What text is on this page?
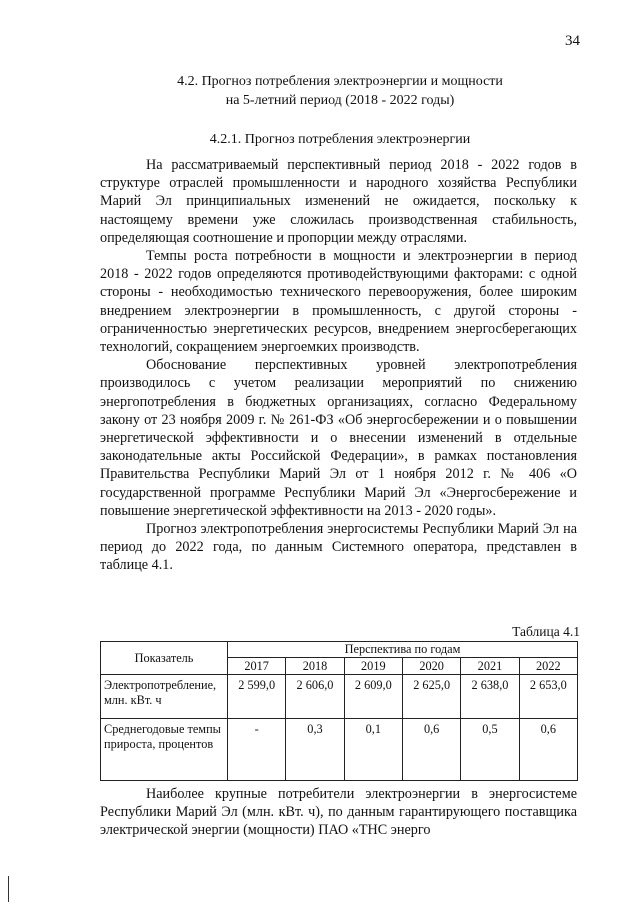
34
4.2. Прогноз потребления электроэнергии и мощности
на 5-летний период (2018 - 2022 годы)
4.2.1. Прогноз потребления электроэнергии

На рассматриваемый перспективный период 2018 - 2022 годов в структуре отраслей промышленности и народного хозяйства Республики Марий Эл принципиальных изменений не ожидается, поскольку к настоящему времени уже сложилась производственная стабильность, определяющая соотношение и пропорции между отраслями.

Темпы роста потребности в мощности и электроэнергии в период 2018 - 2022 годов определяются противодействующими факторами: с одной стороны - необходимостью технического перевооружения, более широким внедрением электроэнергии в промышленность, с другой стороны - ограниченностью энергетических ресурсов, внедрением энергосберегающих технологий, сокращением энергоемких производств.

Обоснование перспективных уровней электропотребления производилось с учетом реализации мероприятий по снижению энергопотребления в бюджетных организациях, согласно Федеральному закону от 23 ноября 2009 г. № 261-ФЗ «Об энергосбережении и о повышении энергетической эффективности и о внесении изменений в отдельные законодательные акты Российской Федерации», в рамках постановления Правительства Республики Марий Эл от 1 ноября 2012 г. № 406 «О государственной программе Республики Марий Эл «Энергосбережение и повышение энергетической эффективности на 2013 - 2020 годы».

Прогноз электропотребления энергосистемы Республики Марий Эл на период до 2022 года, по данным Системного оператора, представлен в таблице 4.1.

Таблица 4.1
Показатель	Перспектива по годам					
	2017	2018	2019	2020	2021	2022
Электропотребление, млн. кВт. ч	2 599,0	2 606,0	2 609,0	2 625,0	2 638,0	2 653,0
Среднегодовые темпы прироста, процентов	-	0,3	0,1	0,6	0,5	0,6

Наиболее крупные потребители электроэнергии в энергосистеме Республики Марий Эл (млн. кВт. ч), по данным гарантирующего поставщика электрической энергии (мощности) ПАО «ТНС энерго
